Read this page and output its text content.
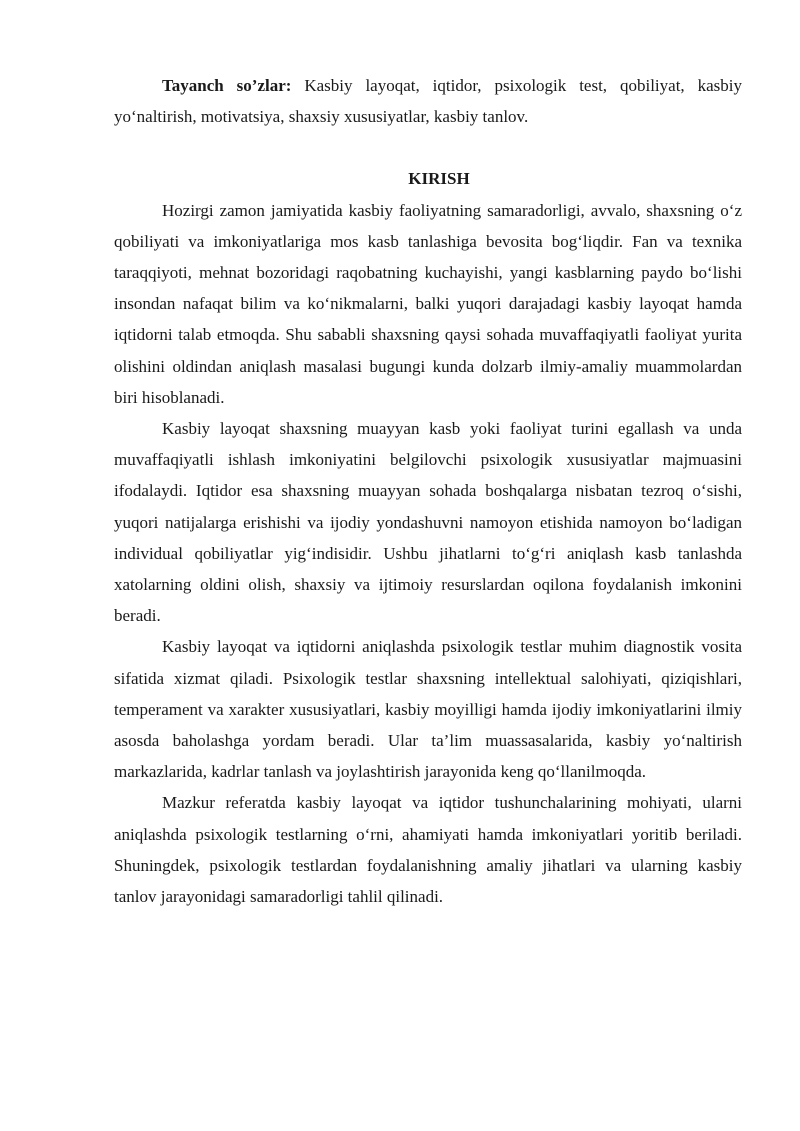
Tayanch so’zlar: Kasbiy layoqat, iqtidor, psixologik test, qobiliyat, kasbiy yo‘naltirish, motivatsiya, shaxsiy xususiyatlar, kasbiy tanlov.

KIRISH

Hozirgi zamon jamiyatida kasbiy faoliyatning samaradorligi, avvalo, shaxsning o‘z qobiliyati va imkoniyatlariga mos kasb tanlashiga bevosita bog‘liqdir. Fan va texnika taraqqiyoti, mehnat bozoridagi raqobatning kuchayishi, yangi kasblarning paydo bo‘lishi insondan nafaqat bilim va ko‘nikmalarni, balki yuqori darajadagi kasbiy layoqat hamda iqtidorni talab etmoqda. Shu sababli shaxsning qaysi sohada muvaffaqiyatli faoliyat yurita olishini oldindan aniqlash masalasi bugungi kunda dolzarb ilmiy-amaliy muammolardan biri hisoblanadi.

Kasbiy layoqat shaxsning muayyan kasb yoki faoliyat turini egallash va unda muvaffaqiyatli ishlash imkoniyatini belgilovchi psixologik xususiyatlar majmuasini ifodalaydi. Iqtidor esa shaxsning muayyan sohada boshqalarga nisbatan tezroq o‘sishi, yuqori natijalarga erishishi va ijodiy yondashuvni namoyon etishida namoyon bo‘ladigan individual qobiliyatlar yig‘indisidir. Ushbu jihatlarni to‘g‘ri aniqlash kasb tanlashda xatolarning oldini olish, shaxsiy va ijtimoiy resurslardan oqilona foydalanish imkonini beradi.

Kasbiy layoqat va iqtidorni aniqlashda psixologik testlar muhim diagnostik vosita sifatida xizmat qiladi. Psixologik testlar shaxsning intellektual salohiyati, qiziqishlari, temperament va xarakter xususiyatlari, kasbiy moyilligi hamda ijodiy imkoniyatlarini ilmiy asosda baholashga yordam beradi. Ular ta’lim muassasalarida, kasbiy yo‘naltirish markazlarida, kadrlar tanlash va joylashtirish jarayonida keng qo‘llanilmoqda.

Mazkur referatda kasbiy layoqat va iqtidor tushunchalarining mohiyati, ularni aniqlashda psixologik testlarning o‘rni, ahamiyati hamda imkoniyatlari yoritib beriladi. Shuningdek, psixologik testlardan foydalanishning amaliy jihatlari va ularning kasbiy tanlov jarayonidagi samaradorligi tahlil qilinadi.
